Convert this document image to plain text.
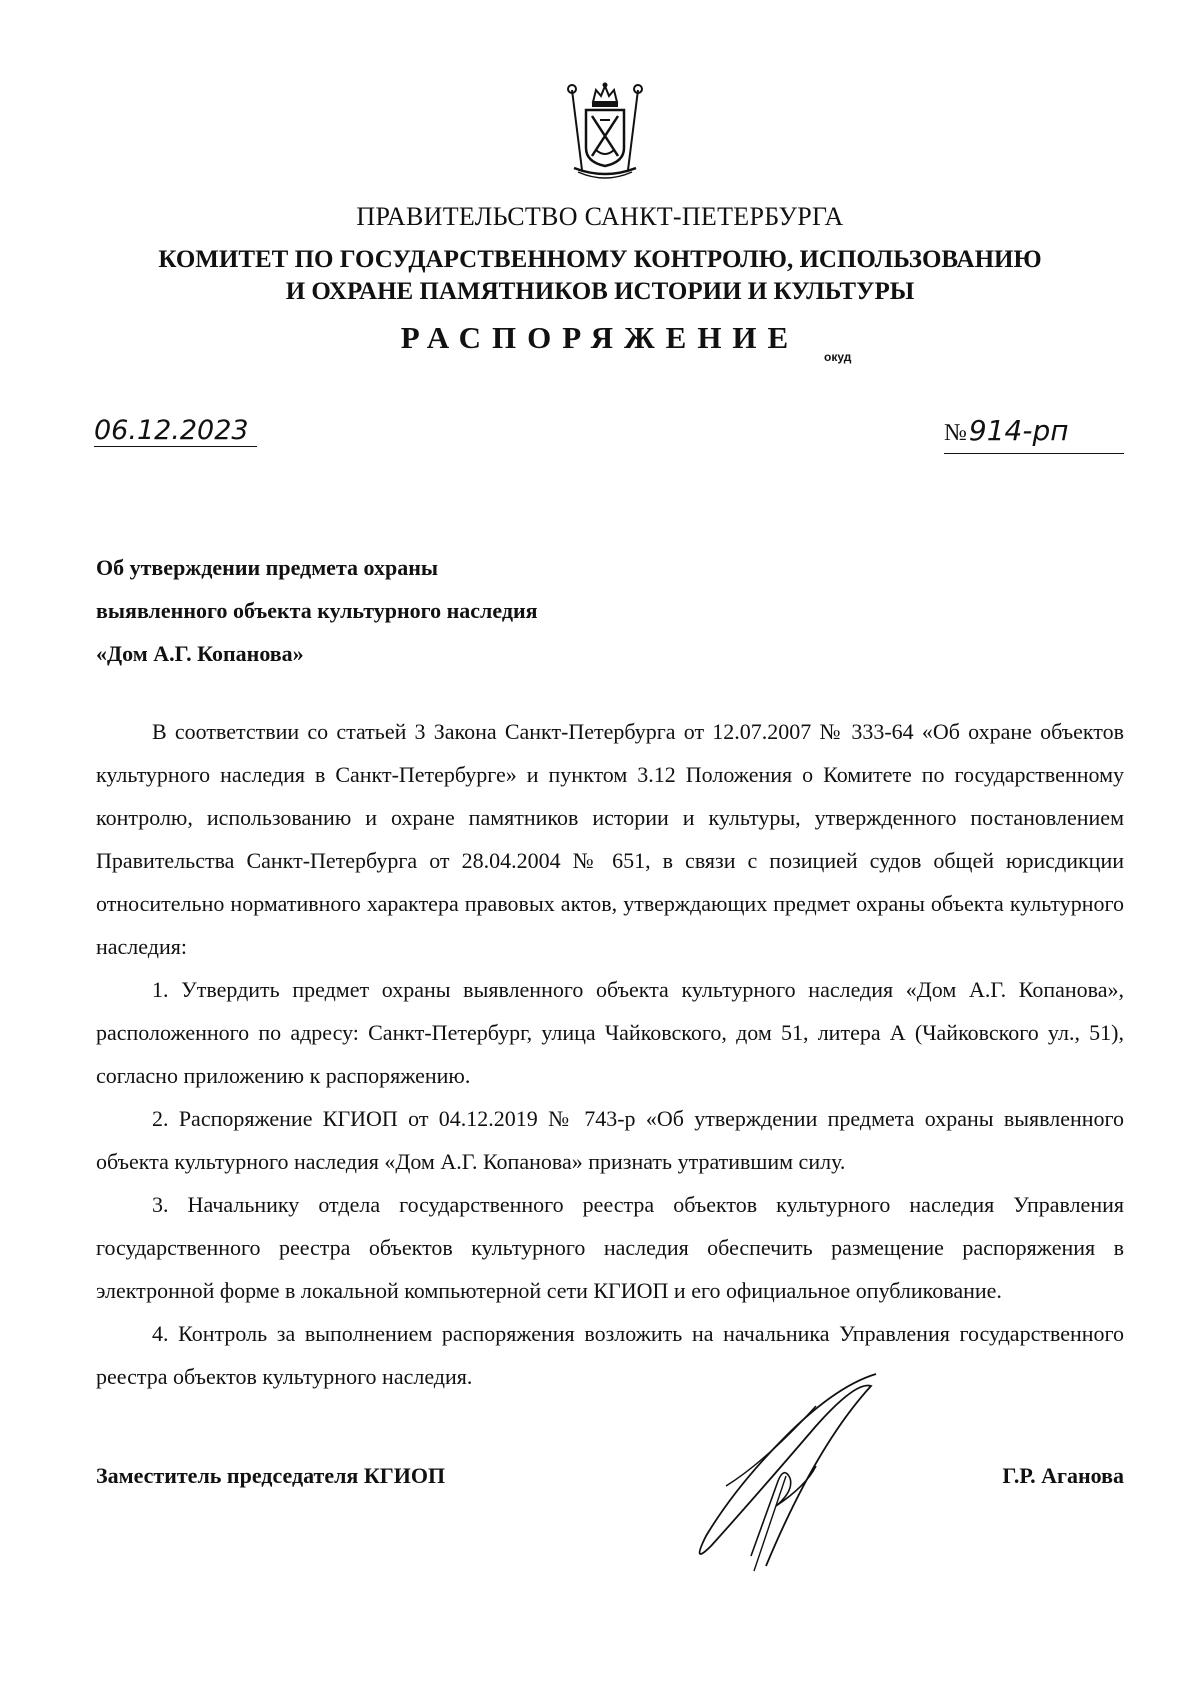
ПРАВИТЕЛЬСТВО САНКТ-ПЕТЕРБУРГА
КОМИТЕТ ПО ГОСУДАРСТВЕННОМУ КОНТРОЛЮ, ИСПОЛЬЗОВАНИЮ
И ОХРАНЕ ПАМЯТНИКОВ ИСТОРИИ И КУЛЬТУРЫ
РАСПОРЯЖЕНИЕ
окуд
06.12.2023	№914-рп
Об утверждении предмета охраны
выявленного объекта культурного наследия
«Дом А.Г. Копанова»

В соответствии со статьей 3 Закона Санкт-Петербурга от 12.07.2007 № 333-64 «Об охране объектов культурного наследия в Санкт-Петербурге» и пунктом 3.12 Положения о Комитете по государственному контролю, использованию и охране памятников истории и культуры, утвержденного постановлением Правительства Санкт-Петербурга от 28.04.2004 № 651, в связи с позицией судов общей юрисдикции относительно нормативного характера правовых актов, утверждающих предмет охраны объекта культурного наследия:

1. Утвердить предмет охраны выявленного объекта культурного наследия «Дом А.Г. Копанова», расположенного по адресу: Санкт-Петербург, улица Чайковского, дом 51, литера А (Чайковского ул., 51), согласно приложению к распоряжению.

2. Распоряжение КГИОП от 04.12.2019 № 743-р «Об утверждении предмета охраны выявленного объекта культурного наследия «Дом А.Г. Копанова» признать утратившим силу.

3. Начальнику отдела государственного реестра объектов культурного наследия Управления государственного реестра объектов культурного наследия обеспечить размещение распоряжения в электронной форме в локальной компьютерной сети КГИОП и его официальное опубликование.

4. Контроль за выполнением распоряжения возложить на начальника Управления государственного реестра объектов культурного наследия.

Заместитель председателя КГИОП	Г.Р. Аганова
